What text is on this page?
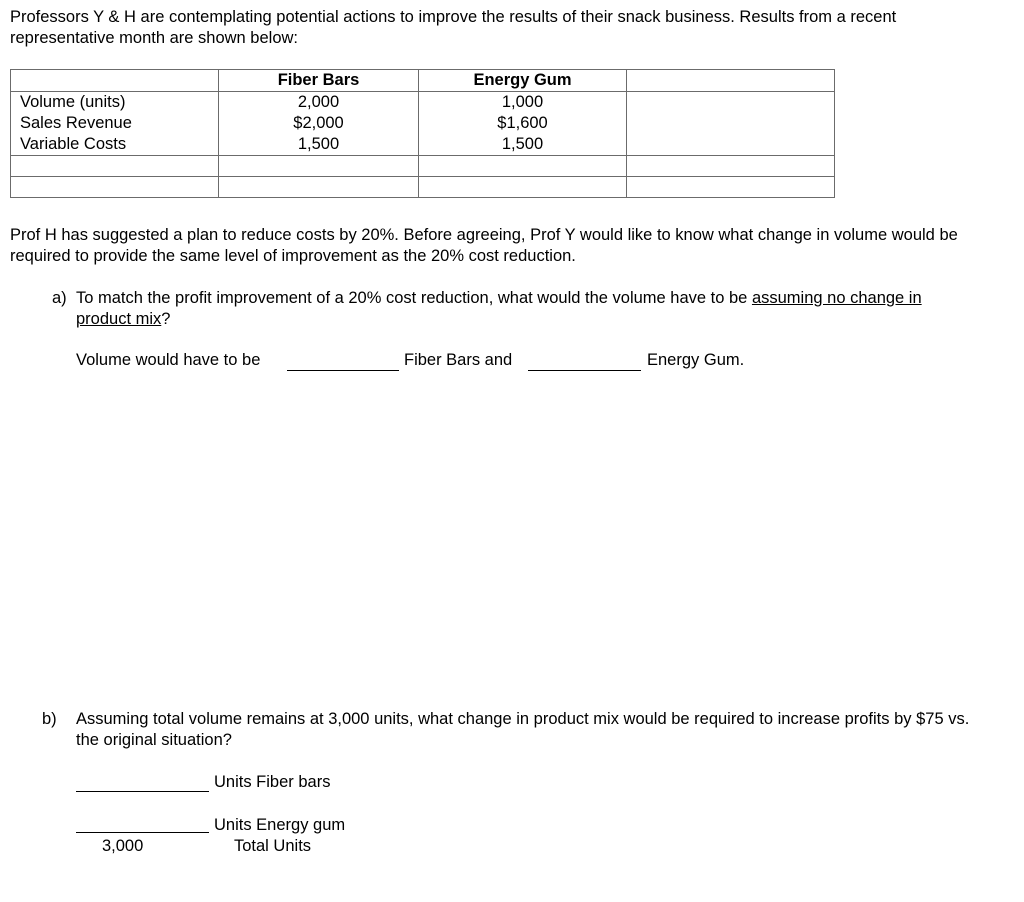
Professors Y & H are contemplating potential actions to improve the results of their snack business. Results from a recent representative month are shown below:

	Fiber Bars	Energy Gum	
Volume (units)	2,000	1,000	
Sales Revenue	$2,000	$1,600	
Variable Costs	1,500	1,500	

Prof H has suggested a plan to reduce costs by 20%. Before agreeing, Prof Y would like to know what change in volume would be required to provide the same level of improvement as the 20% cost reduction.

a) To match the profit improvement of a 20% cost reduction, what would the volume have to be assuming no change in product mix?

Volume would have to be	Fiber Bars and	Energy Gum.
b) Assuming total volume remains at 3,000 units, what change in product mix would be required to increase profits by $75 vs. the original situation?

Units Fiber bars
Units Energy gum
3,000	Total Units
